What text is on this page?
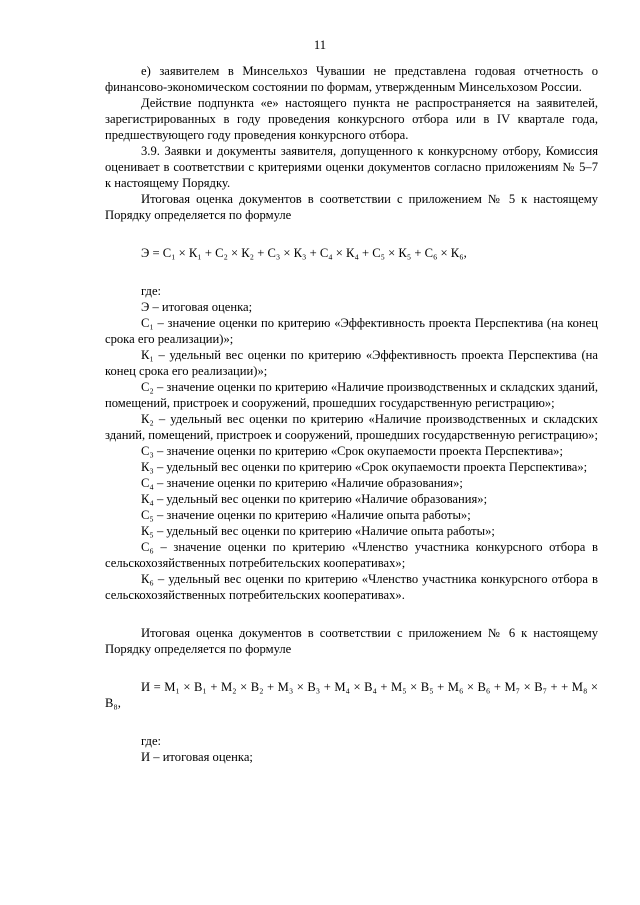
11

е) заявителем в Минсельхоз Чувашии не представлена годовая отчетность о финансово-экономическом состоянии по формам, утвержденным Минсельхозом России.

Действие подпункта «е» настоящего пункта не распространяется на заявителей, зарегистрированных в году проведения конкурсного отбора или в IV квартале года, предшествующего году проведения конкурсного отбора.

3.9. Заявки и документы заявителя, допущенного к конкурсному отбору, Комиссия оценивает в соответствии с критериями оценки документов согласно приложениям № 5–7 к настоящему Порядку.

Итоговая оценка документов в соответствии с приложением № 5 к настоящему Порядку определяется по формуле

Э = С₁ × К₁ + С₂ × К₂ + С₃ × К₃ + С₄ × К₄ + С₅ × К₅ + С₆ × К₆,

где:

Э – итоговая оценка;

С₁ – значение оценки по критерию «Эффективность проекта Перспектива (на конец срока его реализации)»;

К₁ – удельный вес оценки по критерию «Эффективность проекта Перспектива (на конец срока его реализации)»;

С₂ – значение оценки по критерию «Наличие производственных и складских зданий, помещений, пристроек и сооружений, прошедших государственную регистрацию»;

К₂ – удельный вес оценки по критерию «Наличие производственных и складских зданий, помещений, пристроек и сооружений, прошедших государственную регистрацию»;

С₃ – значение оценки по критерию «Срок окупаемости проекта Перспектива»;

К₃ – удельный вес оценки по критерию «Срок окупаемости проекта Перспектива»;

С₄ – значение оценки по критерию «Наличие образования»;

К₄ – удельный вес оценки по критерию «Наличие образования»;

С₅ – значение оценки по критерию «Наличие опыта работы»;

К₅ – удельный вес оценки по критерию «Наличие опыта работы»;

С₆ – значение оценки по критерию «Членство участника конкурсного отбора в сельскохозяйственных потребительских кооперативах»;

К₆ – удельный вес оценки по критерию «Членство участника конкурсного отбора в сельскохозяйственных потребительских кооперативах».

Итоговая оценка документов в соответствии с приложением № 6 к настоящему Порядку определяется по формуле

И = М₁ × В₁ + М₂ × В₂ + М₃ × В₃ + М₄ × В₄ + М₅ × В₅ + М₆ × В₆ + М₇ × В₇ + + М₈ × В₈,

где:

И – итоговая оценка;
